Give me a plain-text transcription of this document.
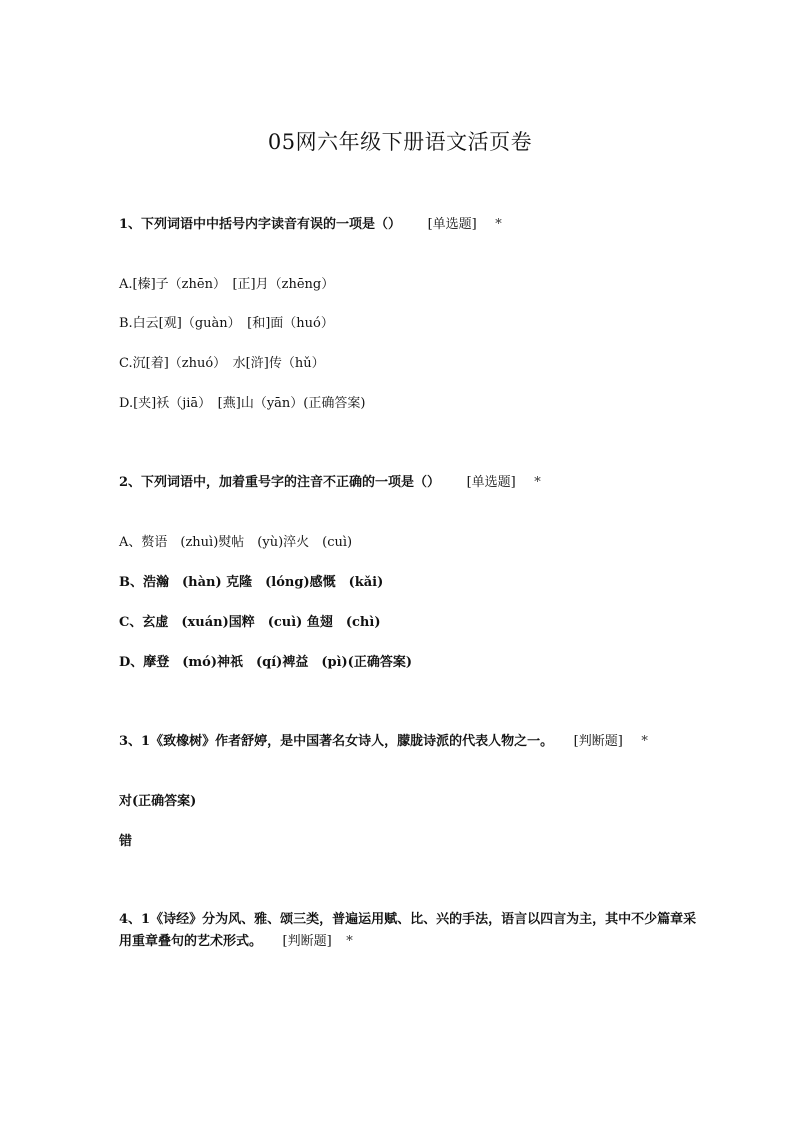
05网六年级下册语文活页卷
1、下列词语中中括号内字读音有误的一项是（） [单选题] *
A.[榛]子（zhēn）　[正]月（zhēng）
B.白云[观]（guàn）　[和]面（huó）
C.沉[着]（zhuó）　水[浒]传（hǔ）
D.[夹]袄（jiā）　[燕]山（yān）(正确答案)
2、下列词语中，加着重号字的注音不正确的一项是（） [单选题] *
A、赘语　(zhuì)熨帖　(yù)淬火　(cuì)
B、浩瀚　(hàn) 克隆　(lóng)感慨　(kǎi)
C、玄虚　(xuán)国粹　(cuì) 鱼翅　(chì)
D、摩登　(mó)神祇　(qí)裨益　(pì)(正确答案)
3、1《致橡树》作者舒婷，是中国著名女诗人，朦胧诗派的代表人物之一。 [判断题] *
对(正确答案)
错
4、1《诗经》分为风、雅、颂三类，普遍运用赋、比、兴的手法，语言以四言为主，其中不少篇章采用重章叠句的艺术形式。 [判断题] *
